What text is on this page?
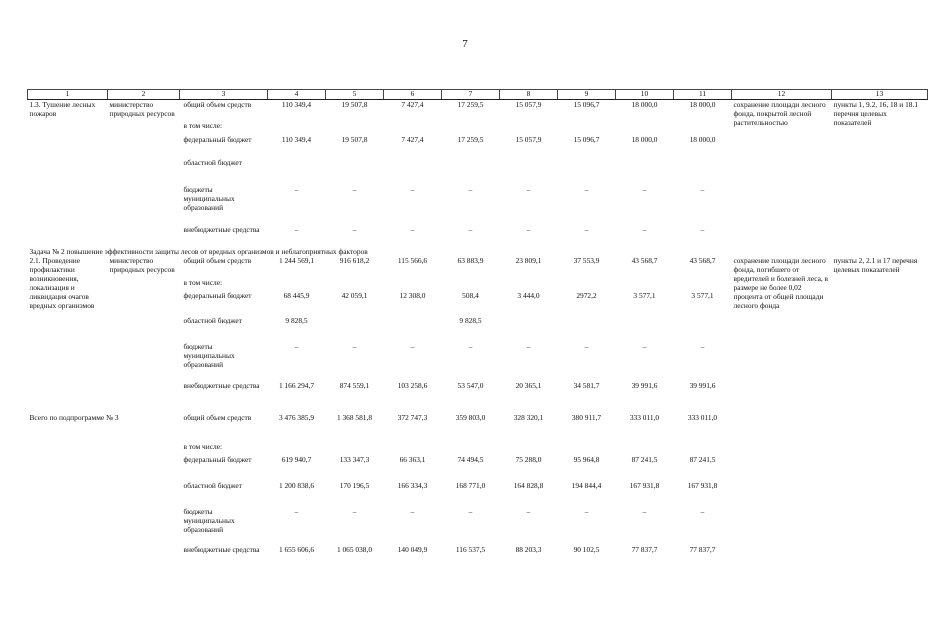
7
1	2	3	4	5	6	7	8	9	10	11	12	13
1.3. Тушение лесных пожаров	министерство природных ресурсов	общий объем средств	110 349,4	19 507,8	7 427,4	17 259,5	15 057,9	15 096,7	18 000,0	18 000,0	сохранение площади лесного фонда, покрытой лесной растительностью	пункты 1, 9.2, 16, 18 и 18.1 перечня целевых показателей
		в том числе:										
		федеральный бюджет	110 349,4	19 507,8	7 427,4	17 259,5	15 057,9	15 096,7	18 000,0	18 000,0		
		областной бюджет										
		бюджеты муниципальных образований	–	–	–	–	–	–	–	–		
		внебюджетные средства	–	–	–	–	–	–	–	–		
Задача № 2 повышение эффективности защиты лесов от вредных организмов и неблагоприятных факторов												
2.1. Проведение профилактики возникновения, локализация и ликвидация очагов вредных организмов	министерство природных ресурсов	общий объем средств	1 244 569,1	916 618,2	115 566,6	63 883,9	23 809,1	37 553,9	43 568,7	43 568,7	сохранение площади лесного фонда, погибшего от вредителей и болезней леса, в размере не более 0,02 процента от общей площади лесного фонда	пункты 2, 2.1 и 17 перечня целевых показателей
		в том числе:										
		федеральный бюджет	68 445,9	42 059,1	12 308,0	508,4	3 444,0	2972,2	3 577,1	3 577,1		
		областной бюджет	9 828,5			9 828,5						
		бюджеты муниципальных образований	–	–	–	–	–	–	–	–		
		внебюджетные средства	1 166 294,7	874 559,1	103 258,6	53 547,0	20 365,1	34 581,7	39 991,6	39 991,6		
Всего по подпрограмме № 3		общий объем средств	3 476 385,9	1 368 581,8	372 747,3	359 803,0	328 320,1	380 911,7	333 011,0	333 011,0		
		в том числе:										
		федеральный бюджет	619 940,7	133 347,3	66 363,1	74 494,5	75 288,0	95 964,8	87 241,5	87 241,5		
		областной бюджет	1 200 838,6	170 196,5	166 334,3	168 771,0	164 828,8	194 844,4	167 931,8	167 931,8		
		бюджеты муниципальных образований	–	–	–	–	–	–	–	–		
		внебюджетные средства	1 655 606,6	1 065 038,0	140 049,9	116 537,5	88 203,3	90 102,5	77 837,7	77 837,7		
